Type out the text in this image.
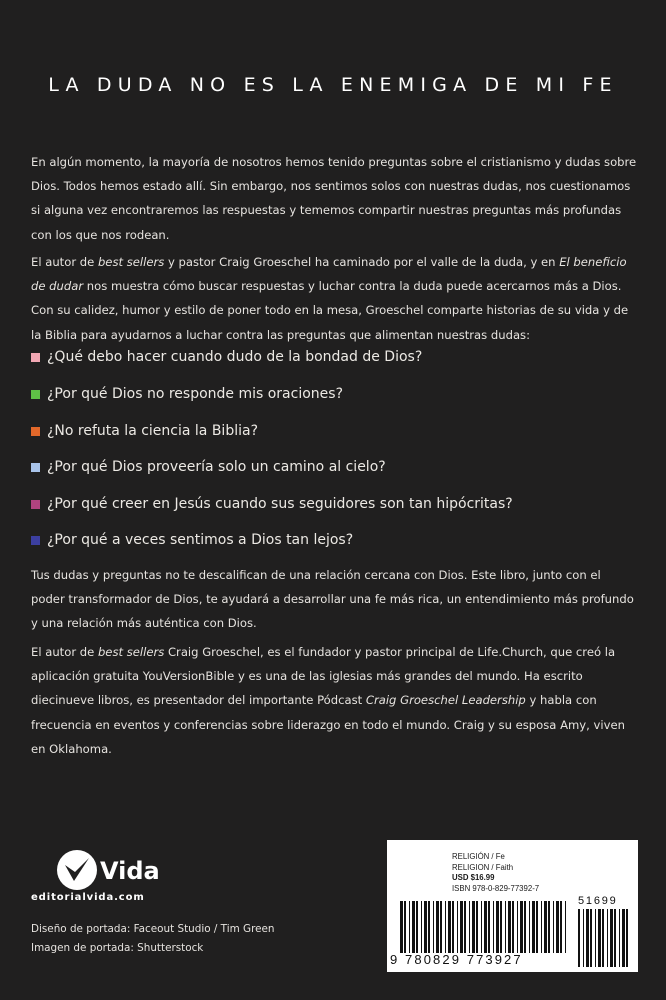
LA DUDA NO ES LA ENEMIGA DE MI FE
En algún momento, la mayoría de nosotros hemos tenido preguntas sobre el cristianismo y dudas sobre Dios. Todos hemos estado allí. Sin embargo, nos sentimos solos con nuestras dudas, nos cuestionamos si alguna vez encontraremos las respuestas y tememos compartir nuestras preguntas más profundas con los que nos rodean.
El autor de best sellers y pastor Craig Groeschel ha caminado por el valle de la duda, y en El beneficio de dudar nos muestra cómo buscar respuestas y luchar contra la duda puede acercarnos más a Dios. Con su calidez, humor y estilo de poner todo en la mesa, Groeschel comparte historias de su vida y de la Biblia para ayudarnos a luchar contra las preguntas que alimentan nuestras dudas:
¿Qué debo hacer cuando dudo de la bondad de Dios?
¿Por qué Dios no responde mis oraciones?
¿No refuta la ciencia la Biblia?
¿Por qué Dios proveería solo un camino al cielo?
¿Por qué creer en Jesús cuando sus seguidores son tan hipócritas?
¿Por qué a veces sentimos a Dios tan lejos?
Tus dudas y preguntas no te descalifican de una relación cercana con Dios. Este libro, junto con el poder transformador de Dios, te ayudará a desarrollar una fe más rica, un entendimiento más profundo y una relación más auténtica con Dios.
El autor de best sellers Craig Groeschel, es el fundador y pastor principal de Life.Church, que creó la aplicación gratuita YouVersionBible y es una de las iglesias más grandes del mundo. Ha escrito diecinueve libros, es presentador del importante Pódcast Craig Groeschel Leadership y habla con frecuencia en eventos y conferencias sobre liderazgo en todo el mundo. Craig y su esposa Amy, viven en Oklahoma.
Vida
editorialvida.com
Diseño de portada: Faceout Studio / Tim Green
Imagen de portada: Shutterstock
RELIGIÓN / Fe
RELIGION / Faith
USD $16.99
ISBN 978-0-829-77392-7
9 780829 773927
51699
